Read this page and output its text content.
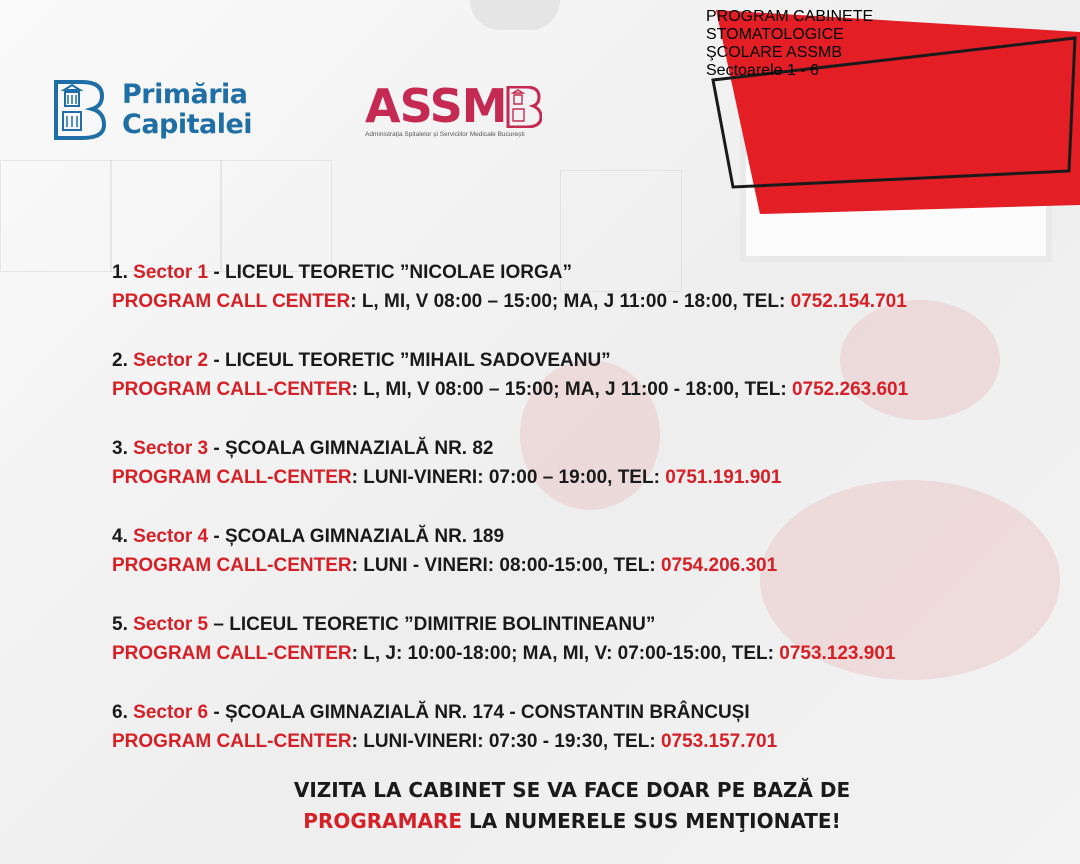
Primăria
Capitalei ASSM
Administrația Spitalelor și Serviciilor Medicale București
PROGRAM CABINETE
STOMATOLOGICE
ŞCOLARE ASSMB
Sectoarele 1 - 6
1. Sector 1 - LICEUL TEORETIC ”NICOLAE IORGA”
PROGRAM CALL CENTER: L, MI, V 08:00 – 15:00; MA, J 11:00 - 18:00, TEL: 0752.154.701
2. Sector 2 - LICEUL TEORETIC ”MIHAIL SADOVEANU”
PROGRAM CALL-CENTER: L, MI, V 08:00 – 15:00; MA, J 11:00 - 18:00, TEL: 0752.263.601
3. Sector 3 - ȘCOALA GIMNAZIALĂ NR. 82
PROGRAM CALL-CENTER: LUNI-VINERI: 07:00 – 19:00, TEL: 0751.191.901
4. Sector 4 - ȘCOALA GIMNAZIALĂ NR. 189
PROGRAM CALL-CENTER: LUNI - VINERI: 08:00-15:00, TEL: 0754.206.301
5. Sector 5 – LICEUL TEORETIC ”DIMITRIE BOLINTINEANU”
PROGRAM CALL-CENTER: L, J: 10:00-18:00; MA, MI, V: 07:00-15:00, TEL: 0753.123.901
6. Sector 6 - ȘCOALA GIMNAZIALĂ NR. 174 - CONSTANTIN BRÂNCUȘI
PROGRAM CALL-CENTER: LUNI-VINERI: 07:30 - 19:30, TEL: 0753.157.701
VIZITA LA CABINET SE VA FACE DOAR PE BAZĂ DE
PROGRAMARE LA NUMERELE SUS MENŢIONATE!
